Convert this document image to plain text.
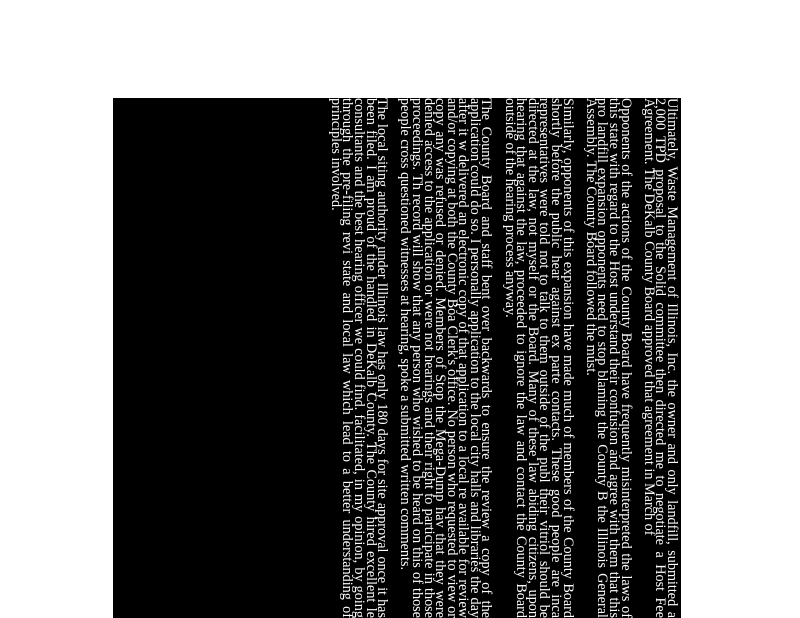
Ultimately, Waste Management of Illinois, Inc. the owner and only landfill, submitted a 2,000 TPD proposal to the Solid committee then directed me to negotiate a Host Fee Agreement. The DeKalb County Board approved that agreement in March of

Opponents of the actions of the County Board have frequently misinterpreted the laws of this state with regard to the Host understand their confusion and agree with them that this pro landfill expansion opponents need to stop blaming the County B the Illinois General Assembly. The County Board followed the must.

Similarly, opponents of this expansion have made much of members of the County Board shortly before the public hear against ex parte contacts. These good people are inca representatives were told not to talk to them outside of the publ their vitriol should be directed at the law, not myself or the Board. Many of these law abiding citizens, upon hearing that against the law, proceeded to ignore the law and contact the County Board outside of the hearing process anyway.

The County Board and staff bent over backwards to ensure the review a copy of the application could do so. I personally application to the local city halls and libraries the day after it w delivered an electronic copy of that application to a local re available for review and/or copying at both the County Boa Clerk's office. No person who requested to view or copy any was refused or denied. Members of Stop the Mega-Dump hav that they were denied access to the application or were not hearings and their right to participate in those proceedings. Th record will show that any person who wished to be heard on this of those people cross questioned witnesses at hearing, spoke a submitted written comments.

The local siting authority under Illinois law has only 180 days for site approval once it has been filed. I am proud of the handled in DeKalb County. The County hired excellent le consultants and the best hearing officer we could find. facilitated, in my opinion, by going through the pre-filing revi state and local law which lead to a better understanding of principles involved.
